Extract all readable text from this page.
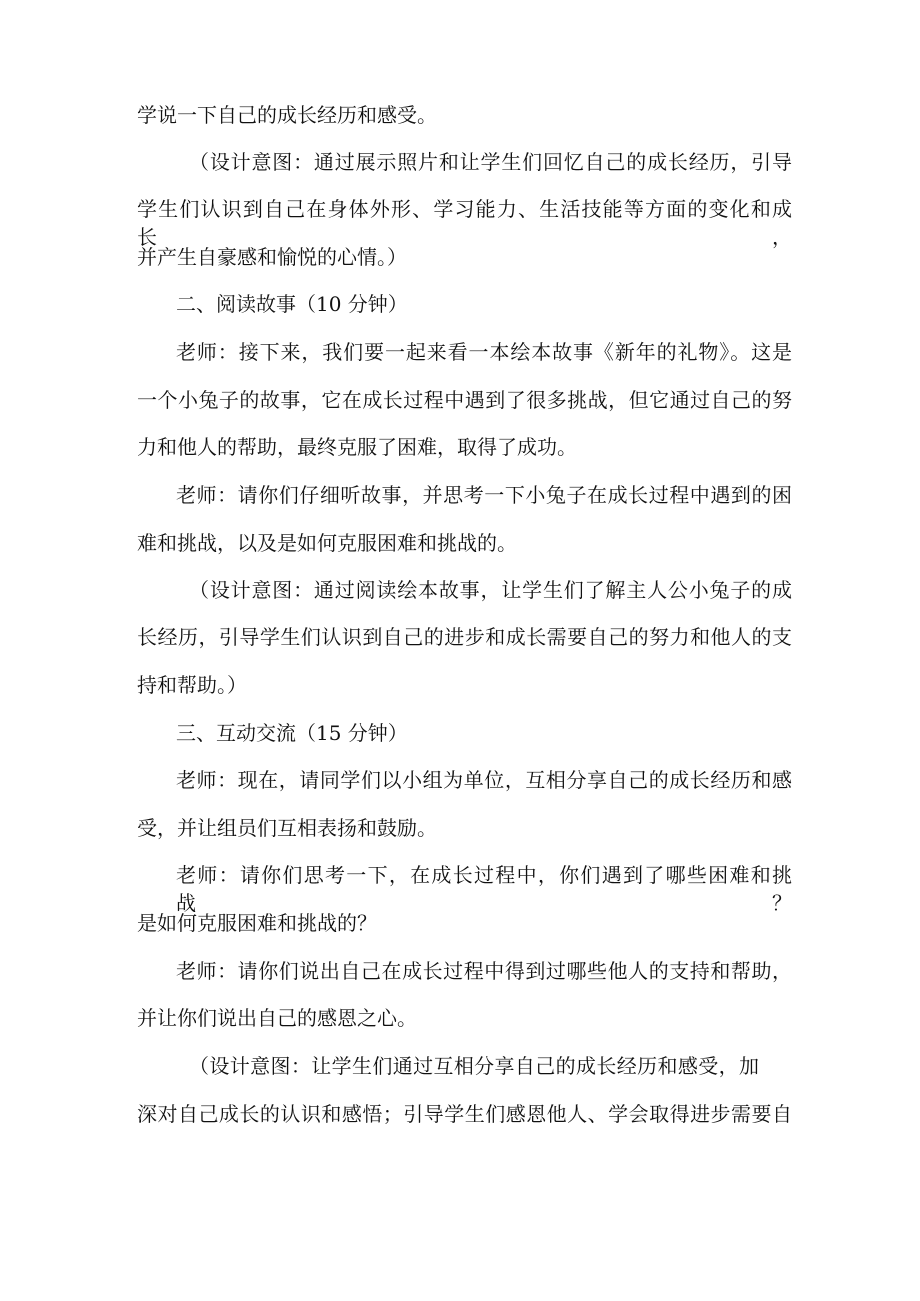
学说一下自己的成长经历和感受。
（设计意图：通过展示照片和让学生们回忆自己的成长经历，引导
学生们认识到自己在身体外形、学习能力、生活技能等方面的变化和成长，
并产生自豪感和愉悦的心情。）
二、阅读故事（10 分钟）
老师：接下来，我们要一起来看一本绘本故事《新年的礼物》。这是
一个小兔子的故事，它在成长过程中遇到了很多挑战，但它通过自己的努
力和他人的帮助，最终克服了困难，取得了成功。
老师：请你们仔细听故事，并思考一下小兔子在成长过程中遇到的困
难和挑战，以及是如何克服困难和挑战的。
（设计意图：通过阅读绘本故事，让学生们了解主人公小兔子的成
长经历，引导学生们认识到自己的进步和成长需要自己的努力和他人的支
持和帮助。）
三、互动交流（15 分钟）
老师：现在，请同学们以小组为单位，互相分享自己的成长经历和感
受，并让组员们互相表扬和鼓励。
老师：请你们思考一下，在成长过程中，你们遇到了哪些困难和挑战？
是如何克服困难和挑战的？
老师：请你们说出自己在成长过程中得到过哪些他人的支持和帮助，
并让你们说出自己的感恩之心。
（设计意图：让学生们通过互相分享自己的成长经历和感受，加
深对自己成长的认识和感悟；引导学生们感恩他人、学会取得进步需要自
